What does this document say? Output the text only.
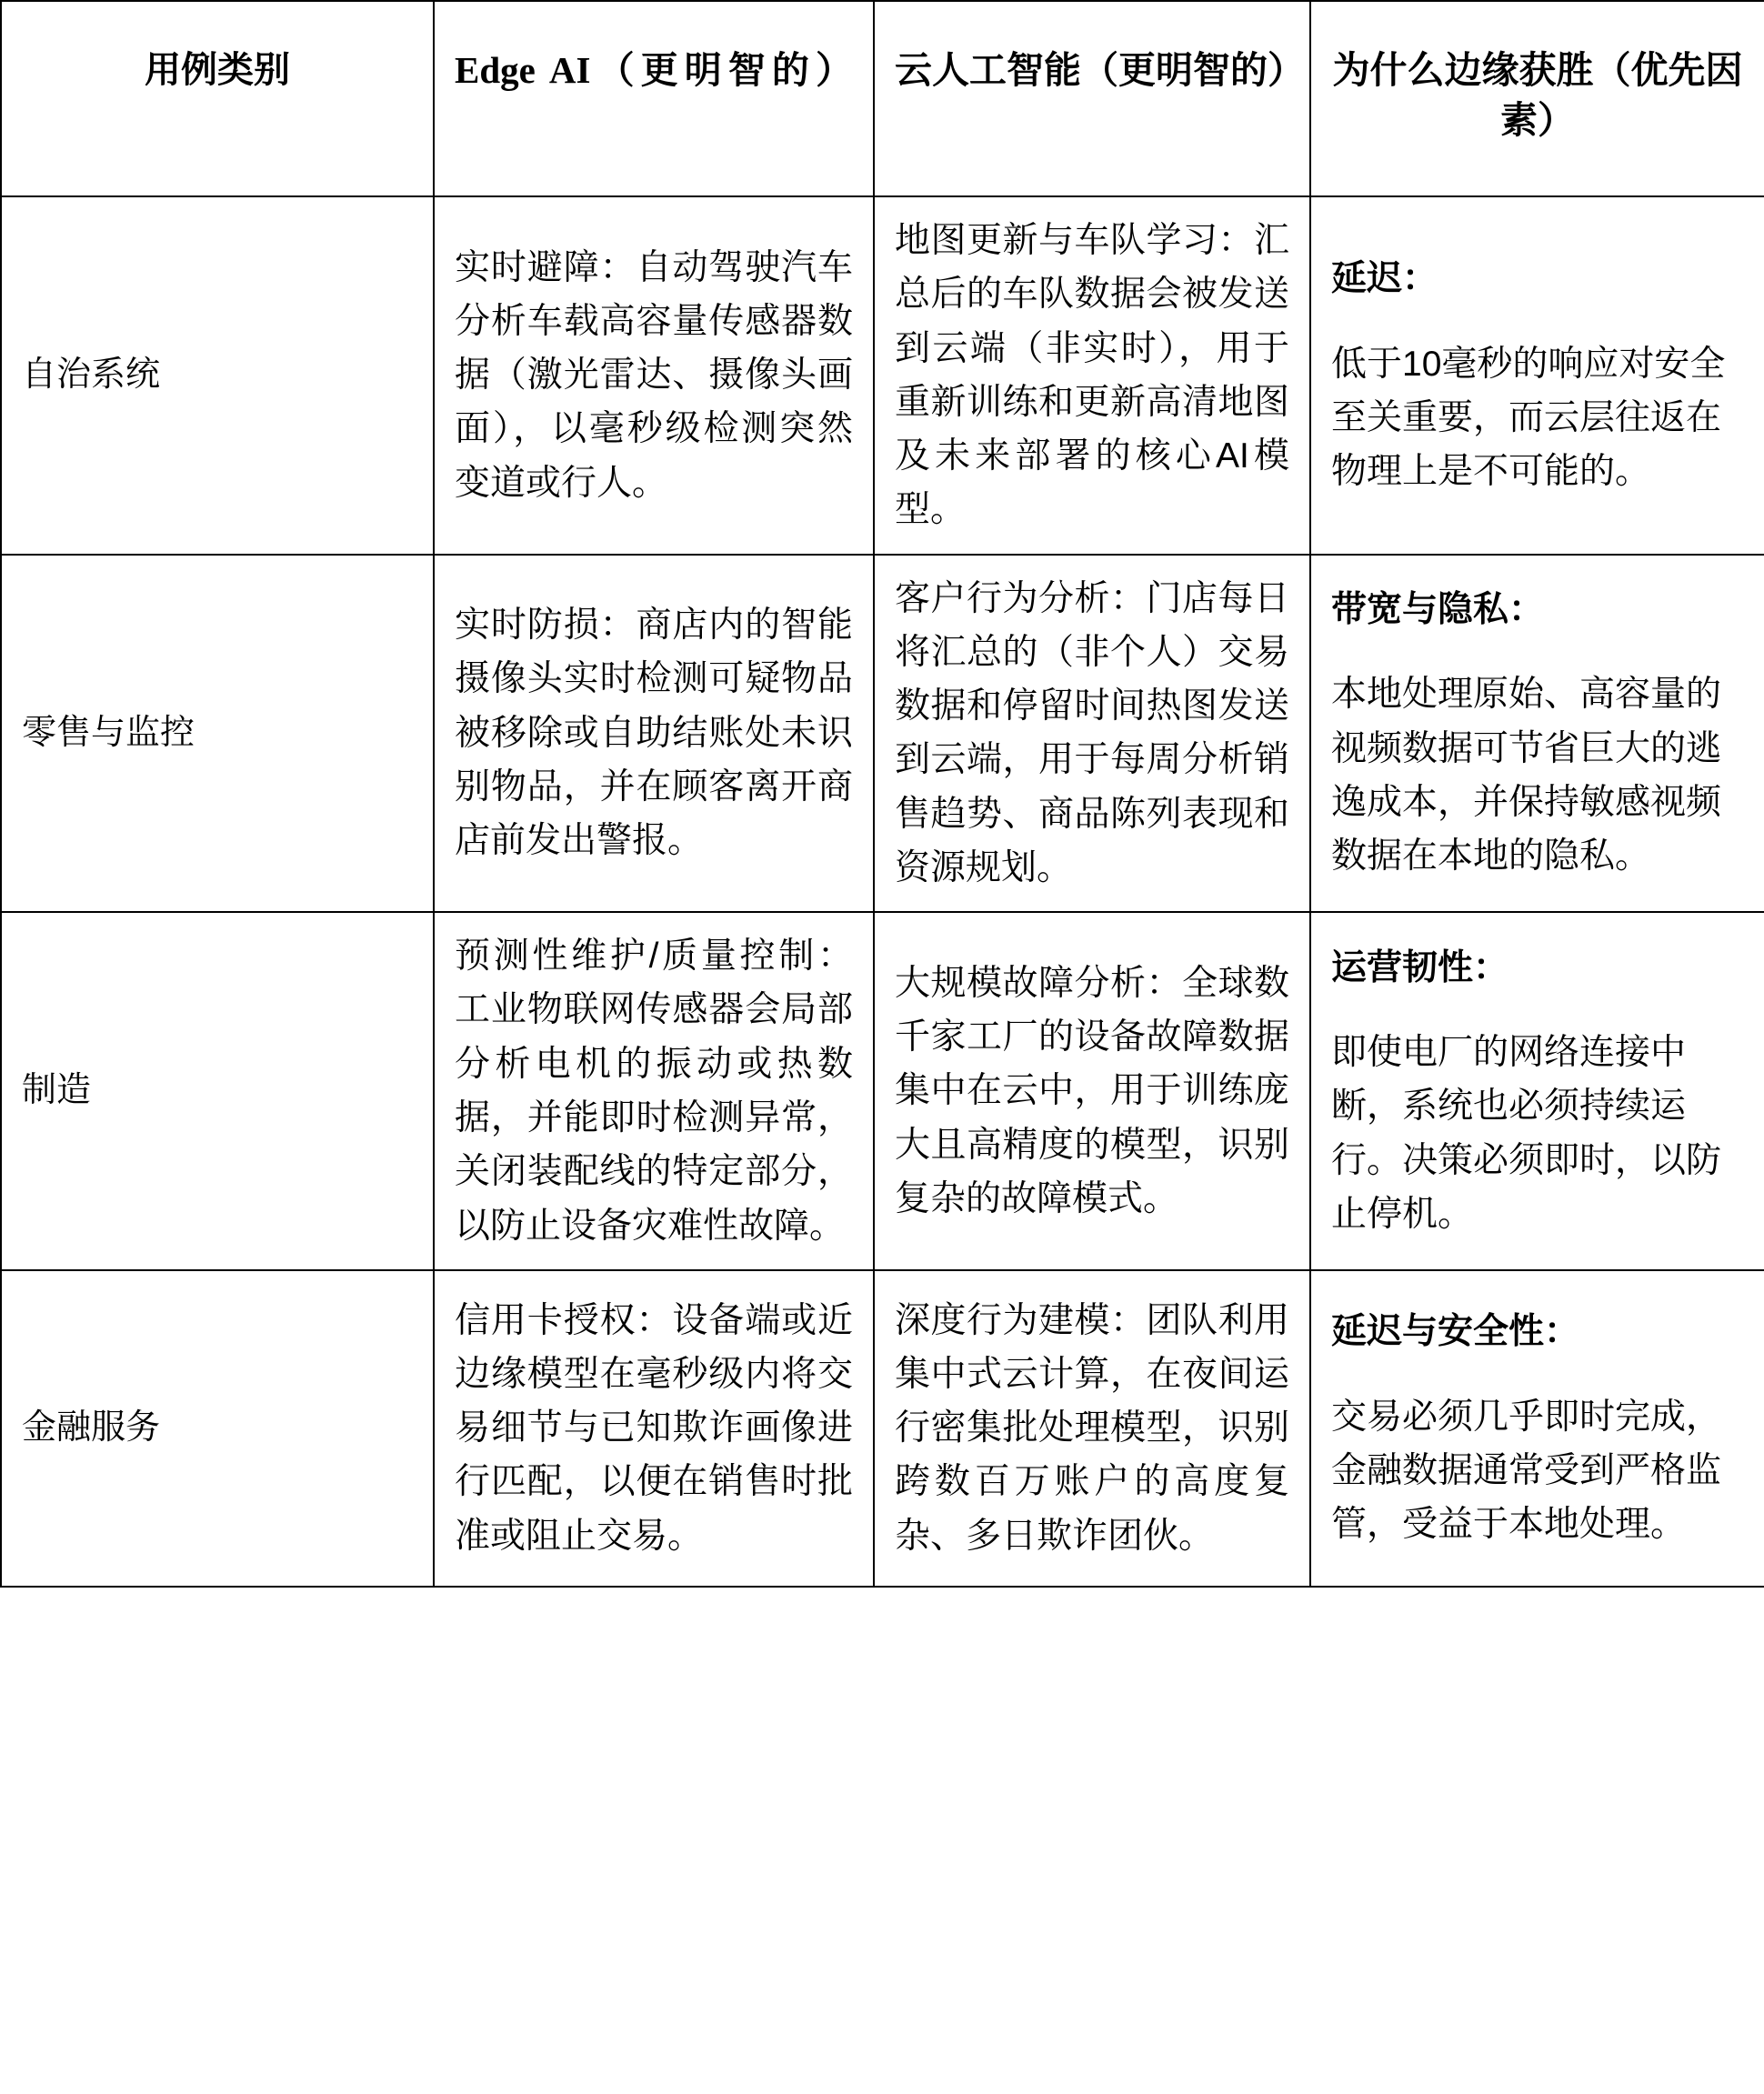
用例类别	Edge AI（更明智的）	云人工智能（更明智的）	为什么边缘获胜（优先因素）
自治系统	实时避障：自动驾驶汽车分析车载高容量传感器数据（激光雷达、摄像头画面），以毫秒级检测突然变道或行人。	地图更新与车队学习：汇总后的车队数据会被发送到云端（非实时），用于重新训练和更新高清地图及未来部署的核心AI模型。	延迟：
低于10毫秒的响应对安全至关重要，而云层往返在物理上是不可能的。

零售与监控	实时防损：商店内的智能摄像头实时检测可疑物品被移除或自助结账处未识别物品，并在顾客离开商店前发出警报。	客户行为分析：门店每日将汇总的（非个人）交易数据和停留时间热图发送到云端，用于每周分析销售趋势、商品陈列表现和资源规划。	带宽与隐私：
本地处理原始、高容量的视频数据可节省巨大的逃逸成本，并保持敏感视频数据在本地的隐私。

制造	预测性维护/质量控制：工业物联网传感器会局部分析电机的振动或热数据，并能即时检测异常，关闭装配线的特定部分，以防止设备灾难性故障。	大规模故障分析：全球数千家工厂的设备故障数据集中在云中，用于训练庞大且高精度的模型，识别复杂的故障模式。	运营韧性：
即使电厂的网络连接中断，系统也必须持续运行。决策必须即时，以防止停机。

金融服务	信用卡授权：设备端或近边缘模型在毫秒级内将交易细节与已知欺诈画像进行匹配，以便在销售时批准或阻止交易。	深度行为建模：团队利用集中式云计算，在夜间运行密集批处理模型，识别跨数百万账户的高度复杂、多日欺诈团伙。	延迟与安全性：
交易必须几乎即时完成，金融数据通常受到严格监管，受益于本地处理。
